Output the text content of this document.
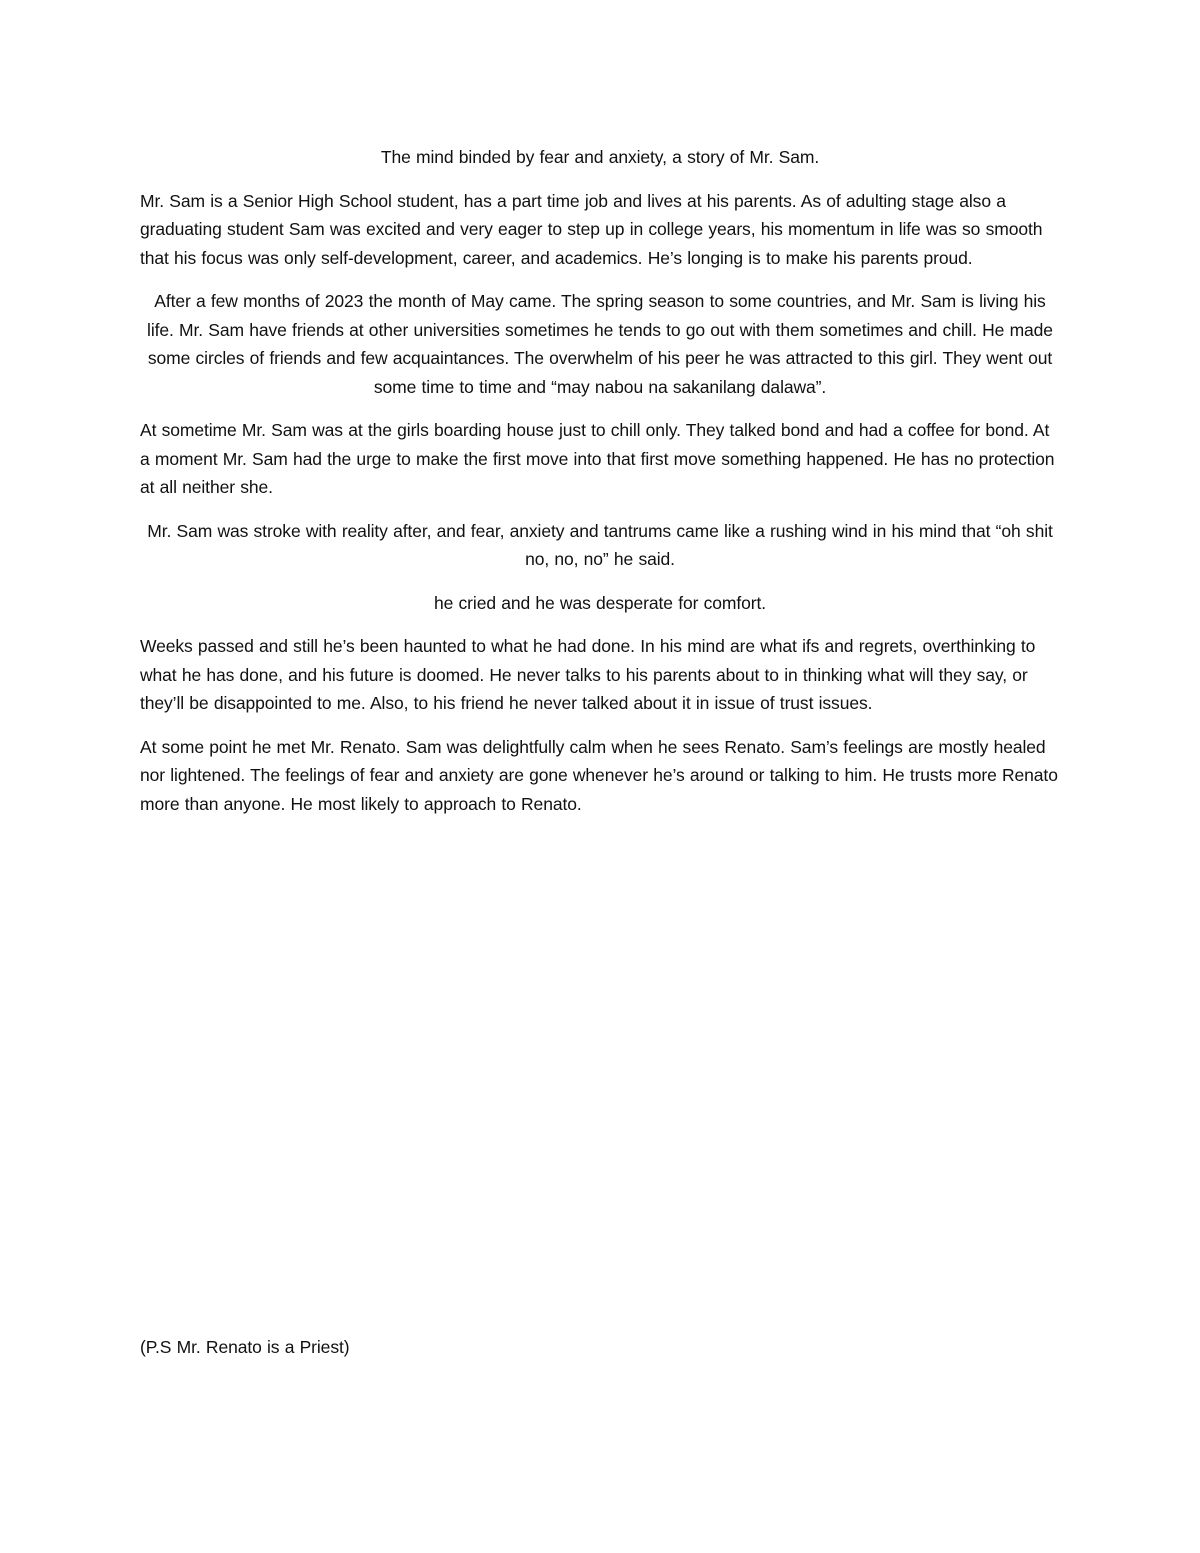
The mind binded by fear and anxiety, a story of Mr. Sam.

Mr. Sam is a Senior High School student, has a part time job and lives at his parents. As of adulting stage also a graduating student Sam was excited and very eager to step up in college years, his momentum in life was so smooth that his focus was only self-development, career, and academics. He’s longing is to make his parents proud.

After a few months of 2023 the month of May came. The spring season to some countries, and Mr. Sam is living his life. Mr. Sam have friends at other universities sometimes he tends to go out with them sometimes and chill. He made some circles of friends and few acquaintances. The overwhelm of his peer he was attracted to this girl. They went out some time to time and “may nabou na sakanilang dalawa”.

At sometime Mr. Sam was at the girls boarding house just to chill only. They talked bond and had a coffee for bond. At a moment Mr. Sam had the urge to make the first move into that first move something happened. He has no protection at all neither she.

Mr. Sam was stroke with reality after, and fear, anxiety and tantrums came like a rushing wind in his mind that “oh shit no, no, no” he said.

he cried and he was desperate for comfort.

Weeks passed and still he’s been haunted to what he had done. In his mind are what ifs and regrets, overthinking to what he has done, and his future is doomed. He never talks to his parents about to in thinking what will they say, or they’ll be disappointed to me. Also, to his friend he never talked about it in issue of trust issues.

At some point he met Mr. Renato. Sam was delightfully calm when he sees Renato. Sam’s feelings are mostly healed nor lightened. The feelings of fear and anxiety are gone whenever he’s around or talking to him. He trusts more Renato more than anyone. He most likely to approach to Renato.

(P.S Mr. Renato is a Priest)
